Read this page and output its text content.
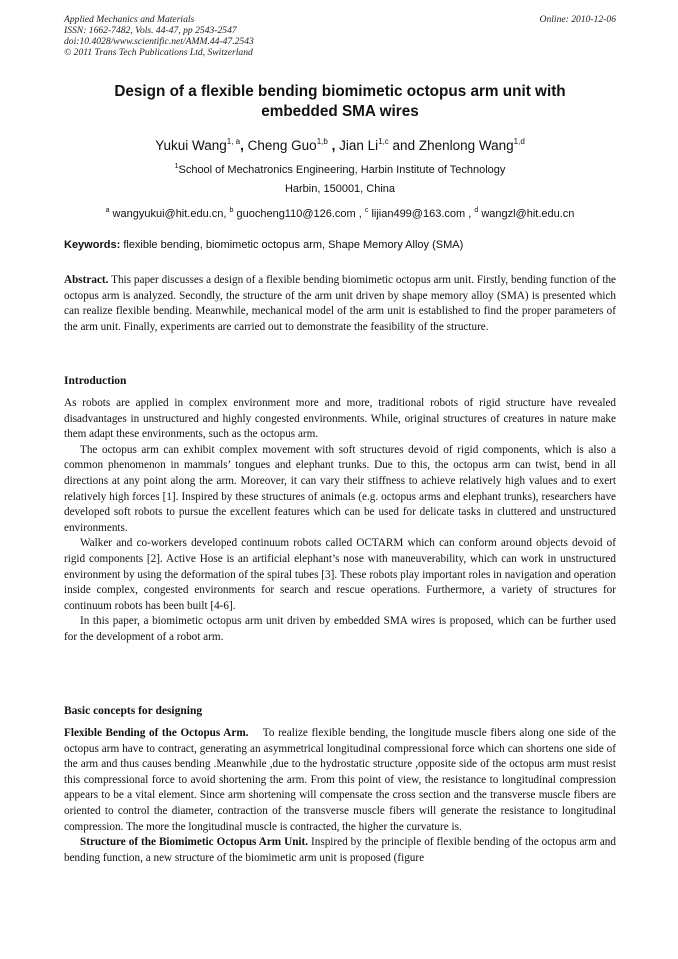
Applied Mechanics and Materials
ISSN: 1662-7482, Vols. 44-47, pp 2543-2547
doi:10.4028/www.scientific.net/AMM.44-47.2543
© 2011 Trans Tech Publications Ltd, Switzerland
Online: 2010-12-06
Design of a flexible bending biomimetic octopus arm unit with
embedded SMA wires
Yukui Wang$^{1, a}$, Cheng Guo$^{1,b}$ , Jian Li$^{1,c}$ and Zhenlong Wang$^{1,d}$
$^1$School of Mechatronics Engineering, Harbin Institute of Technology
Harbin, 150001, China
$^a$ wangyukui@hit.edu.cn, $^b$ guocheng110@126.com , $^c$ lijian499@163.com , $^d$ wangzl@hit.edu.cn
Keywords: flexible bending, biomimetic octopus arm, Shape Memory Alloy (SMA)

Abstract. This paper discusses a design of a flexible bending biomimetic octopus arm unit. Firstly, bending function of the octopus arm is analyzed. Secondly, the structure of the arm unit driven by shape memory alloy (SMA) is presented which can realize flexible bending. Meanwhile, mechanical model of the arm unit is established to find the proper parameters of the arm unit. Finally, experiments are carried out to demonstrate the feasibility of the structure.

Introduction

As robots are applied in complex environment more and more, traditional robots of rigid structure have revealed disadvantages in unstructured and highly congested environments. While, original structures of creatures in nature make them adapt these environments, such as the octopus arm.

The octopus arm can exhibit complex movement with soft structures devoid of rigid components, which is also a common phenomenon in mammals’ tongues and elephant trunks. Due to this, the octopus arm can twist, bend in all directions at any point along the arm. Moreover, it can vary their stiffness to achieve relatively high values and to exert relatively high forces [1]. Inspired by these structures of animals (e.g. octopus arms and elephant trunks), researchers have developed soft robots to pursue the excellent features which can be used for delicate tasks in cluttered and unstructured environments.

Walker and co-workers developed continuum robots called OCTARM which can conform around objects devoid of rigid components [2]. Active Hose is an artificial elephant’s nose with maneuverability, which can work in unstructured environment by using the deformation of the spiral tubes [3]. These robots play important roles in navigation and operation inside complex, congested environments for search and rescue operations. Furthermore, a variety of structures for continuum robots has been built [4-6].

In this paper, a biomimetic octopus arm unit driven by embedded SMA wires is proposed, which can be further used for the development of a robot arm.

Basic concepts for designing

Flexible Bending of the Octopus Arm. To realize flexible bending, the longitude muscle fibers along one side of the octopus arm have to contract, generating an asymmetrical longitudinal compressional force which can shortens one side of the arm and thus causes bending .Meanwhile ,due to the hydrostatic structure ,opposite side of the octopus arm must resist this compressional force to avoid shortening the arm. From this point of view, the resistance to longitudinal compression appears to be a vital element. Since arm shortening will compensate the cross section and the transverse muscle fibers are oriented to control the diameter, contraction of the transverse muscle fibers will generate the resistance to longitudinal compression. The more the longitudinal muscle is contracted, the higher the curvature is.

Structure of the Biomimetic Octopus Arm Unit. Inspired by the principle of flexible bending of the octopus arm and bending function, a new structure of the biomimetic arm unit is proposed (figure
